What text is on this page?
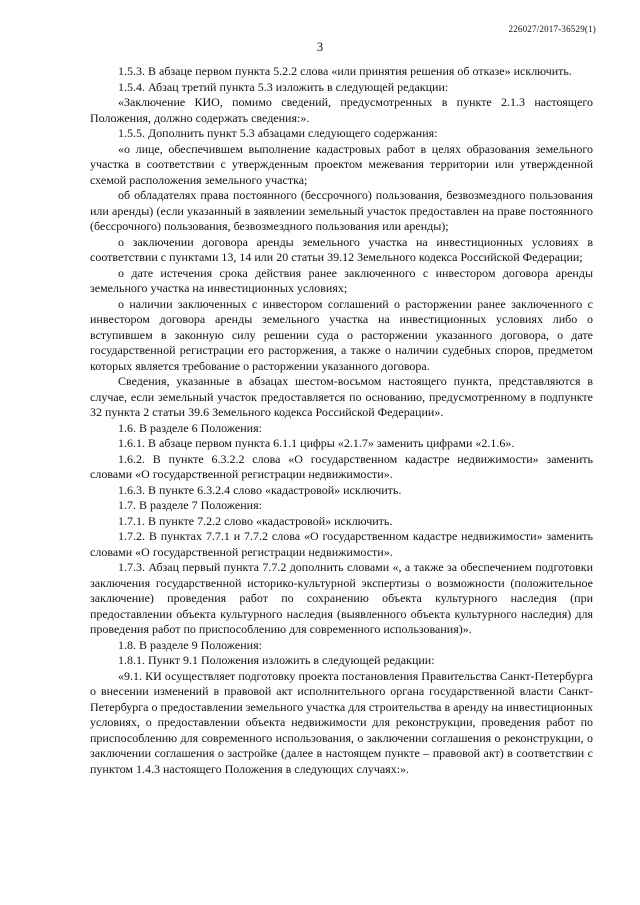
226027/2017-36529(1)
3

1.5.3. В абзаце первом пункта 5.2.2 слова «или принятия решения об отказе» исключить.

1.5.4. Абзац третий пункта 5.3 изложить в следующей редакции:

«Заключение КИО, помимо сведений, предусмотренных в пункте 2.1.3 настоящего Положения, должно содержать сведения:».

1.5.5. Дополнить пункт 5.3 абзацами следующего содержания:

«о лице, обеспечившем выполнение кадастровых работ в целях образования земельного участка в соответствии с утвержденным проектом межевания территории или утвержденной схемой расположения земельного участка;

об обладателях права постоянного (бессрочного) пользования, безвозмездного пользования или аренды) (если указанный в заявлении земельный участок предоставлен на праве постоянного (бессрочного) пользования, безвозмездного пользования или аренды);

о заключении договора аренды земельного участка на инвестиционных условиях в соответствии с пунктами 13, 14 или 20 статьи 39.12 Земельного кодекса Российской Федерации;

о дате истечения срока действия ранее заключенного с инвестором договора аренды земельного участка на инвестиционных условиях;

о наличии заключенных с инвестором соглашений о расторжении ранее заключенного с инвестором договора аренды земельного участка на инвестиционных условиях либо о вступившем в законную силу решении суда о расторжении указанного договора, о дате государственной регистрации его расторжения, а также о наличии судебных споров, предметом которых является требование о расторжении указанного договора.

Сведения, указанные в абзацах шестом-восьмом настоящего пункта, представляются в случае, если земельный участок предоставляется по основанию, предусмотренному в подпункте 32 пункта 2 статьи 39.6 Земельного кодекса Российской Федерации».

1.6. В разделе 6 Положения:

1.6.1. В абзаце первом пункта 6.1.1 цифры «2.1.7» заменить цифрами «2.1.6».

1.6.2. В пункте 6.3.2.2 слова «О государственном кадастре недвижимости» заменить словами «О государственной регистрации недвижимости».

1.6.3. В пункте 6.3.2.4 слово «кадастровой» исключить.

1.7. В разделе 7 Положения:

1.7.1. В пункте 7.2.2 слово «кадастровой» исключить.

1.7.2. В пунктах 7.7.1 и 7.7.2 слова «О государственном кадастре недвижимости» заменить словами «О государственной регистрации недвижимости».

1.7.3. Абзац первый пункта 7.7.2 дополнить словами «, а также за обеспечением подготовки заключения государственной историко-культурной экспертизы о возможности (положительное заключение) проведения работ по сохранению объекта культурного наследия (при предоставлении объекта культурного наследия (выявленного объекта культурного наследия) для проведения работ по приспособлению для современного использования)».

1.8. В разделе 9 Положения:

1.8.1. Пункт 9.1 Положения изложить в следующей редакции:

«9.1. КИ осуществляет подготовку проекта постановления Правительства Санкт-Петербурга о внесении изменений в правовой акт исполнительного органа государственной власти Санкт-Петербурга о предоставлении земельного участка для строительства в аренду на инвестиционных условиях, о предоставлении объекта недвижимости для реконструкции, проведения работ по приспособлению для современного использования, о заключении соглашения о реконструкции, о заключении соглашения о застройке (далее в настоящем пункте – правовой акт) в соответствии с пунктом 1.4.3 настоящего Положения в следующих случаях:».
